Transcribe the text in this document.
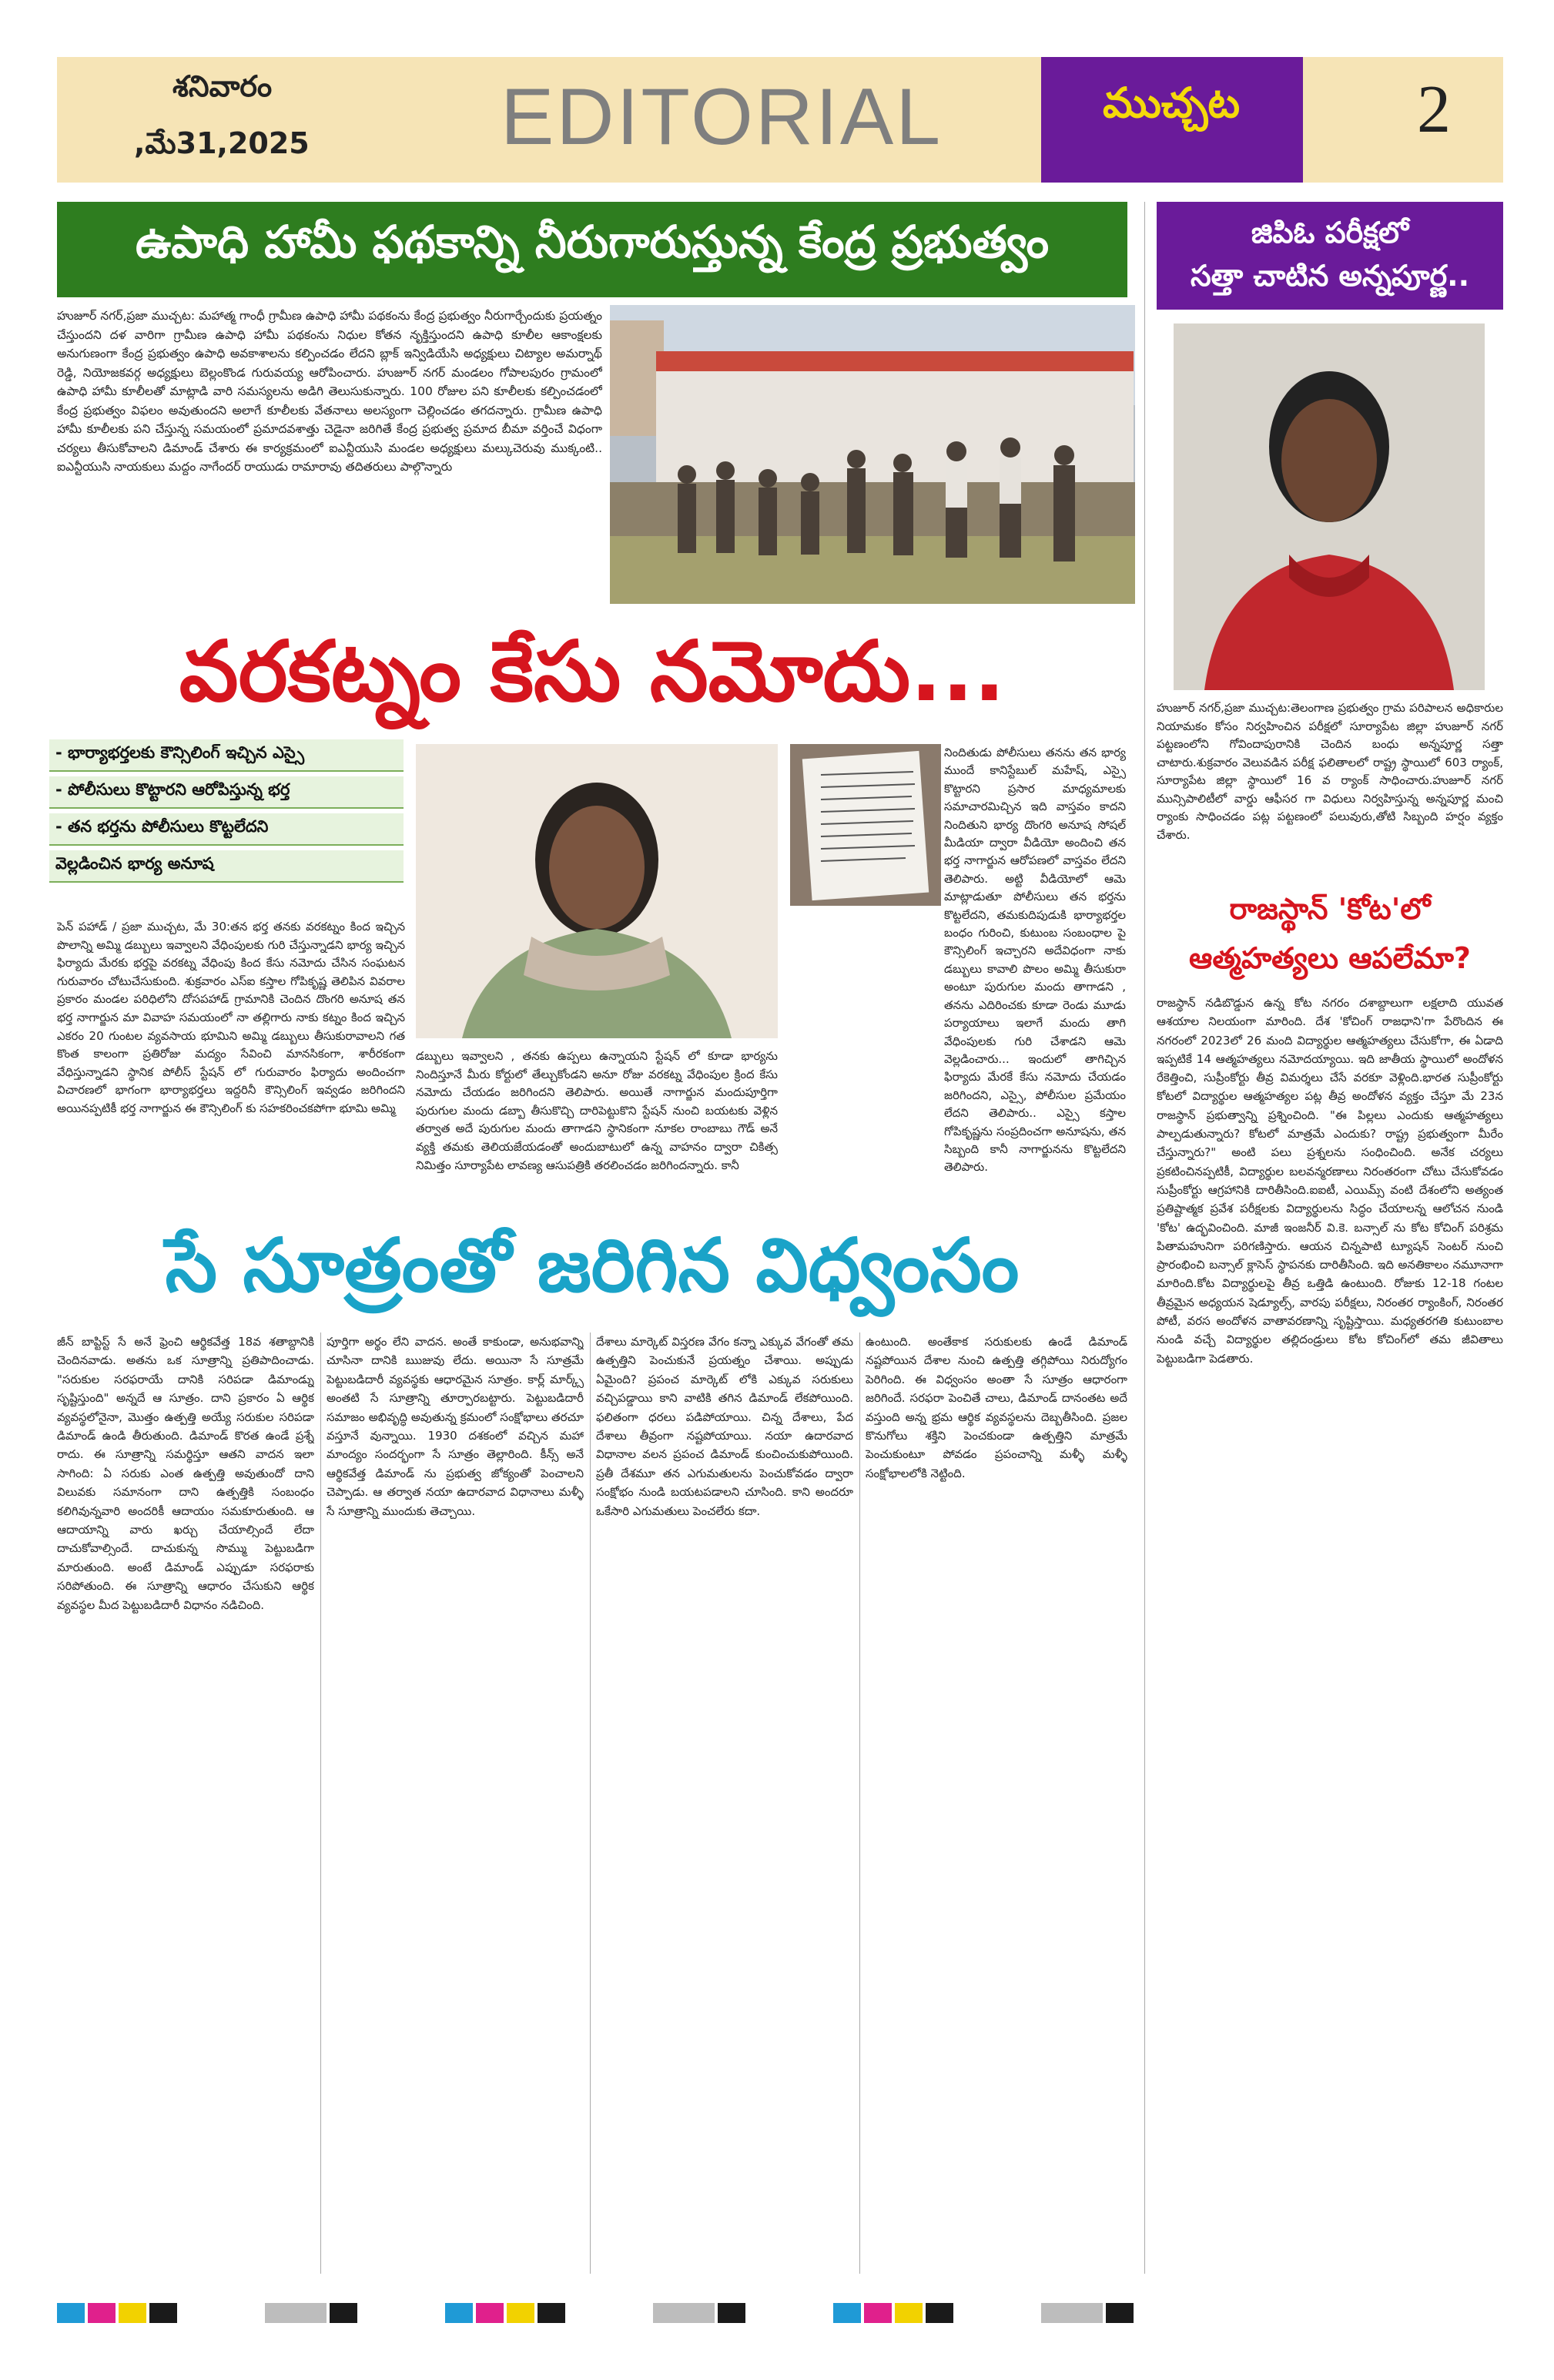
శనివారం
,మే31,2025 EDITORIAL	ముచ్చట	2
ఉపాధి హామీ ఫథకాన్ని నీరుగారుస్తున్న కేంద్ర ప్రభుత్వం

హుజూర్ నగర్,ప్రజా ముచ్చట: మహాత్మ గాంధీ గ్రామీణ ఉపాధి హామీ పథకంను కేంద్ర ప్రభుత్వం నీరుగార్చేందుకు ప్రయత్నం చేస్తుందని దళ వారిగా గ్రామీణ ఉపాధి హామీ పథకంను నిధుల కోతన నృక్తిస్తుందని ఉపాధి కూలీల ఆకాంక్షలకు అనుగుణంగా కేంద్ర ప్రభుత్వం ఉపాధి అవకాశాలను కల్పించడం లేదని బ్లాక్ ఇన్విడియేసి అధ్యక్షులు చిట్యాల అమర్నాథ్ రెడ్డి, నియోజకవర్గ అధ్యక్షులు బెల్లంకొండ గురువయ్య ఆరోపించారు. హుజూర్ నగర్ మండలం గోపాలపురం గ్రామంలో ఉపాధి హామీ కూలీలతో మాట్లాడి వారి సమస్యలను అడిగి తెలుసుకున్నారు. 100 రోజుల పని కూలీలకు కల్పించడంలో కేంద్ర ప్రభుత్వం విఫలం అవుతుందని అలాగే కూలీలకు వేతనాలు అలస్యంగా చెల్లించడం తగదన్నారు. గ్రామీణ ఉపాధి హామీ కూలీలకు పని చేస్తున్న సమయంలో ప్రమాదవశాత్తు చెడైనా జరిగితే కేంద్ర ప్రభుత్వ ప్రమాద బీమా వర్తించే విధంగా చర్యలు తీసుకోవాలని డిమాండ్ చేశారు ఈ కార్యక్రమంలో ఐఎన్టీయుసి మండల అధ్యక్షులు మల్కుచెరువు ముక్కంటి.. ఐఎన్టీయుసి నాయకులు మద్దం నాగేందర్ రాయుడు రామారావు తదితరులు పాల్గొన్నారు

జిపిఓ పరీక్షలో
సత్తా చాటిన అన్నపూర్ణ..

హుజూర్ నగర్,ప్రజా ముచ్చట:తెలంగాణ ప్రభుత్వం గ్రామ పరిపాలన అధికారుల నియామకం కోసం నిర్వహించిన పరీక్షలో సూర్యాపేట జిల్లా హుజూర్ నగర్ పట్టణంలోని గోవిందాపురానికి చెందిన బంధు అన్నపూర్ణ సత్తా చాటారు.శుక్రవారం వెలువడిన పరీక్ష ఫలితాలలో రాష్ట్ర స్థాయిలో 603 ర్యాంక్, సూర్యాపేట జిల్లా స్థాయిలో 16 వ ర్యాంక్ సాధించారు.హుజూర్ నగర్ మున్సిపాలిటీలో వార్డు ఆఫీసర గా విధులు నిర్వహిస్తున్న అన్నపూర్ణ మంచి ర్యాంకు సాధించడం పట్ల పట్టణంలో పలువురు,తోటి సిబ్బంది హర్షం వ్యక్తం చేశారు.

వరకట్నం కేసు నమోదు...
- భార్యాభర్తలకు కౌన్సిలింగ్ ఇచ్చిన ఎస్సై
- పోలీసులు కొట్టారని ఆరోపిస్తున్న భర్త
- తన భర్తను పోలీసులు కొట్టలేదని
వెల్లడించిన భార్య అనూష

పెన్ పహాడ్ / ప్రజా ముచ్చట, మే 30:తన భర్త తనకు వరకట్నం కింద ఇచ్చిన పొలాన్ని అమ్మి డబ్బులు ఇవ్వాలని వేధింపులకు గురి చేస్తున్నాడని భార్య ఇచ్చిన ఫిర్యాదు మేరకు భర్తపై వరకట్న వేధింపు కింద కేసు నమోదు చేసిన సంఘటన గురువారం చోటుచేసుకుంది. శుక్రవారం ఎస్ఐ కస్తాల గోపికృష్ణ తెలిపిన వివరాల ప్రకారం మండల పరిధిలోని దోసపహాడ్ గ్రామానికి చెందిన దొంగరి అనూష తన భర్త నాగార్జున మా వివాహ సమయంలో నా తల్లిగారు నాకు కట్నం కింద ఇచ్చిన ఎకరం 20 గుంటల వ్యవసాయ భూమిని అమ్మి డబ్బులు తీసుకురావాలని గత కొంత కాలంగా ప్రతిరోజు మద్యం సేవించి మానసికంగా, శారీరకంగా వేధిస్తున్నాడని స్థానిక పోలీస్ స్టేషన్ లో గురువారం ఫిర్యాదు అందించగా విచారణలో భాగంగా భార్యాభర్తలు ఇద్దరినీ కౌన్సిలింగ్ ఇవ్వడం జరిగిందని అయినప్పటికీ భర్త నాగార్జున ఈ కౌన్సిలింగ్ కు సహకరించకపోగా భూమి అమ్మి

డబ్బులు ఇవ్వాలని , తనకు ఉప్పలు ఉన్నాయని స్టేషన్ లో కూడా భార్యను నిందిస్తూనే మీరు కోర్టులో తేల్చుకోండని అనూ రోజు వరకట్న వేధింపుల క్రింద కేసు నమోదు చేయడం జరిగిందని తెలిపారు. అయితే నాగార్జున మందుపూర్తిగా పురుగుల మందు డబ్బా తీసుకొచ్చి దారిపెట్టుకొని స్టేషన్ నుంచి బయటకు వెళ్లిన తర్వాత అదే పురుగుల మందు తాగాడని స్థానికంగా నూకల రాంబాబు గౌడ్ అనే వ్యక్తి తమకు తెలియజేయడంతో అందుబాటులో ఉన్న వాహనం ద్వారా చికిత్స నిమిత్తం సూర్యాపేట లావణ్య ఆసుపత్రికి తరలించడం జరిగిందన్నారు. కానీ

నిందితుడు పోలీసులు తనను తన భార్య ముందే కానిస్టేబుల్ మహేష్, ఎస్సై కొట్టారని ప్రసార మాధ్యమాలకు సమాచారమిచ్చిన ఇది వాస్తవం కాదని నిందితుని భార్య దొంగరి అనూష సోషల్ మీడియా ద్వారా వీడియో అందించి తన భర్త నాగార్జున ఆరోపణలో వాస్తవం లేదని తెలిపారు. అట్టి వీడియోలో ఆమె మాట్లాడుతూ పోలీసులు తన భర్తను కొట్టలేదని, తమకుదిపుడుకి భార్యాభర్తల బంధం గురించి, కుటుంబ సంబంధాల పై కౌన్సిలింగ్ ఇచ్చారని అదేవిధంగా నాకు డబ్బులు కావాలి పొలం అమ్మి తీసుకురా అంటూ పురుగుల మందు తాగాడని , తనను ఎదిరించకు కూడా రెండు మూడు పర్యాయాలు ఇలాగే మందు తాగి వేధింపులకు గురి చేశాడని ఆమె వెల్లడించారు... ఇందులో తాగిచ్చిన ఫిర్యాదు మేరకే కేసు నమోదు చేయడం జరిగిందని, ఎస్సై, పోలీసుల ప్రమేయం లేదని తెలిపారు.. ఎస్సై కస్తాల గోపికృష్ణను సంప్రదించగా అనూషను, తన సిబ్బంది కానీ నాగార్జునను కొట్టలేదని తెలిపారు.

రాజస్థాన్ 'కోట'లో
ఆత్మహత్యలు ఆపలేమా?

రాజస్థాన్ నడిబొడ్డున ఉన్న కోట నగరం దశాబ్దాలుగా లక్షలాది యువత ఆశయాల నిలయంగా మారింది. దేశ 'కోచింగ్ రాజధాని'గా పేరొందిన ఈ నగరంలో 2023లో 26 మంది విద్యార్థుల ఆత్మహత్యలు చేసుకోగా, ఈ ఏడాది ఇప్పటికే 14 ఆత్మహత్యలు నమోదయ్యాయి. ఇది జాతీయ స్థాయిలో అందోళన రేకెత్తించి, సుప్రీంకోర్టు తీవ్ర విమర్శలు చేసే వరకూ వెళ్లింది.భారత సుప్రీంకోర్టు కోటలో విద్యార్థుల ఆత్మహత్యల పట్ల తీవ్ర అందోళన వ్యక్తం చేస్తూ మే 23న రాజస్థాన్ ప్రభుత్వాన్ని ప్రశ్నించింది. "ఈ పిల్లలు ఎందుకు ఆత్మహత్యలు పాల్పడుతున్నారు? కోటలో మాత్రమే ఎందుకు? రాష్ట్ర ప్రభుత్వంగా మీరేం చేస్తున్నారు?" అంటి పలు ప్రశ్నలను సంధించింది. అనేక చర్యలు ప్రకటించినప్పటికీ, విద్యార్థుల బలవన్మరణాలు నిరంతరంగా చోటు చేసుకోవడం సుప్రీంకోర్టు ఆగ్రహానికి దారితీసింది.ఐఐటీ, ఎయిమ్స్ వంటి దేశంలోని అత్యంత ప్రతిష్టాత్మక ప్రవేశ పరీక్షలకు విద్యార్థులను సిద్ధం చేయాలన్న ఆలోచన నుండి 'కోట' ఉద్భవించింది. మాజీ ఇంజనీర్ వి.కె. బన్సాల్ ను కోట కోచింగ్ పరిశ్రమ పితామహునిగా పరిగణిస్తారు. ఆయన చిన్నపాటి ట్యూషన్ సెంటర్ నుంచి ప్రారంభించి బన్సాల్ క్లాసెస్ స్థాపనకు దారితీసింది. ఇది అనతికాలం నమూనాగా మారింది.కోట విద్యార్థులపై తీవ్ర ఒత్తిడి ఉంటుంది. రోజుకు 12-18 గంటల తీవ్రమైన అధ్యయన షెడ్యూల్స్, వారపు పరీక్షలు, నిరంతర ర్యాంకింగ్, నిరంతర పోటీ, వరస అందోళన వాతావరణాన్ని సృష్టిస్తాయి. మధ్యతరగతి కుటుంబాల నుండి వచ్చే విద్యార్థుల తల్లిదండ్రులు కోట కోచింగ్‌లో తమ జీవితాలు పెట్టుబడిగా పెడతారు.

సే సూత్రంతో జరిగిన విధ్వంసం

జీన్ బాప్టిస్ట్ సే అనే ఫ్రెంచి ఆర్థికవేత్త 18వ శతాబ్దానికి చెందినవాడు. అతను ఒక సూత్రాన్ని ప్రతిపాదించాడు. "సరుకుల సరఫరాయే దానికి సరిపడా డిమాండ్ను సృష్టిస్తుంది" అన్నదే ఆ సూత్రం. దాని ప్రకారం ఏ ఆర్థిక వ్యవస్థలోనైనా, మొత్తం ఉత్పత్తి అయ్యే సరుకుల సరిపడా డిమాండ్ ఉండి తీరుతుంది. డిమాండ్ కొరత ఉండే ప్రశ్నే రాదు. ఈ సూత్రాన్ని సమర్థిస్తూ ఆతని వాదన ఇలా సాగింది: ఏ సరుకు ఎంత ఉత్పత్తి అవుతుందో దాని విలువకు సమానంగా దాని ఉత్పత్తికి సంబంధం కలిగివున్నవారి అందరికీ ఆదాయం సమకూరుతుంది. ఆ ఆదాయాన్ని వారు ఖర్చు చేయాల్సిందే లేదా దాచుకోవాల్సిందే. దాచుకున్న సొమ్ము పెట్టుబడిగా మారుతుంది. అంటే డిమాండ్ ఎప్పుడూ సరఫరాకు సరిపోతుంది. ఈ సూత్రాన్ని ఆధారం చేసుకుని ఆర్థిక వ్యవస్థల మీద పెట్టుబడిదారీ విధానం నడిచింది.

పూర్తిగా అర్థం లేని వాదన. అంతే కాకుండా, అనుభవాన్ని చూసినా దానికి ఋజువు లేదు. అయినా సే సూత్రమే పెట్టుబడిదారీ వ్యవస్థకు ఆధారమైన సూత్రం. కార్ల్ మార్క్స్ అంతటి సే సూత్రాన్ని తూర్పారబట్టారు. పెట్టుబడిదారీ సమాజం అభివృద్ధి అవుతున్న క్రమంలో సంక్షోభాలు తరచూ వస్తూనే వున్నాయి. 1930 దశకంలో వచ్చిన మహా మాంద్యం సందర్భంగా సే సూత్రం తెల్లారింది. కీన్స్ అనే ఆర్థికవేత్త డిమాండ్ ను ప్రభుత్వ జోక్యంతో పెంచాలని చెప్పాడు. ఆ తర్వాత నయా ఉదారవాద విధానాలు మళ్ళీ సే సూత్రాన్ని ముందుకు తెచ్చాయి.

దేశాలు మార్కెట్ విస్తరణ వేగం కన్నా ఎక్కువ వేగంతో తమ ఉత్పత్తిని పెంచుకునే ప్రయత్నం చేశాయి. అప్పుడు ఏమైంది? ప్రపంచ మార్కెట్ లోకి ఎక్కువ సరుకులు వచ్చిపడ్డాయి కాని వాటికి తగిన డిమాండ్ లేకపోయింది. ఫలితంగా ధరలు పడిపోయాయి. చిన్న దేశాలు, పేద దేశాలు తీవ్రంగా నష్టపోయాయి. నయా ఉదారవాద విధానాల వలన ప్రపంచ డిమాండ్ కుంచించుకుపోయింది. ప్రతీ దేశమూ తన ఎగుమతులను పెంచుకోవడం ద్వారా సంక్షోభం నుండి బయటపడాలని చూసింది. కాని అందరూ ఒకేసారి ఎగుమతులు పెంచలేరు కదా.

ఉంటుంది. అంతేకాక సరుకులకు ఉండే డిమాండ్ నష్టపోయిన దేశాల నుంచి ఉత్పత్తి తగ్గిపోయి నిరుద్యోగం పెరిగింది. ఈ విధ్వంసం అంతా సే సూత్రం ఆధారంగా జరిగిందే. సరఫరా పెంచితే చాలు, డిమాండ్ దానంతట అదే వస్తుంది అన్న భ్రమ ఆర్థిక వ్యవస్థలను దెబ్బతీసింది. ప్రజల కొనుగోలు శక్తిని పెంచకుండా ఉత్పత్తిని మాత్రమే పెంచుకుంటూ పోవడం ప్రపంచాన్ని మళ్ళీ మళ్ళీ సంక్షోభాలలోకి నెట్టింది.
